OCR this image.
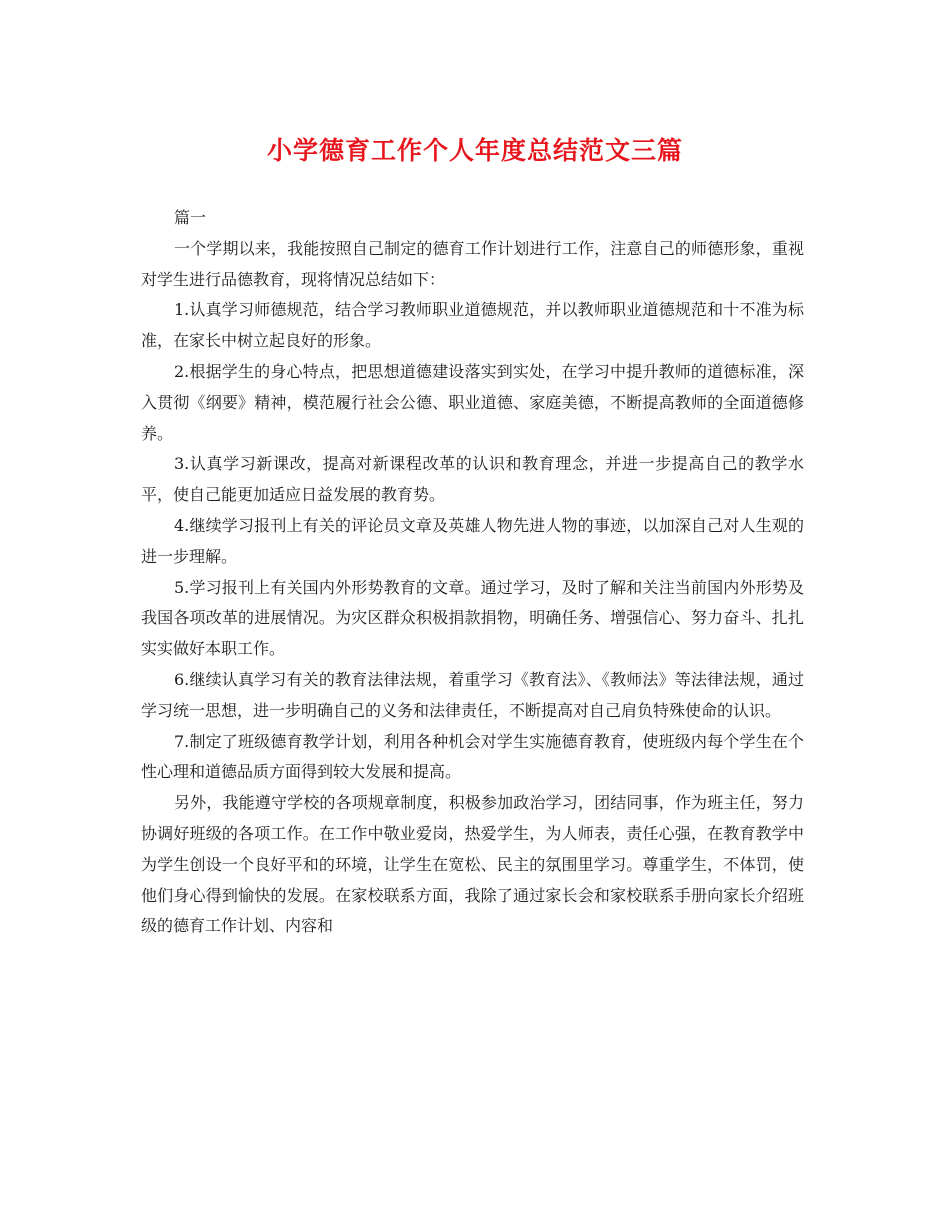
小学德育工作个人年度总结范文三篇

篇一

一个学期以来，我能按照自己制定的德育工作计划进行工作，注意自己的师德形象，重视对学生进行品德教育，现将情况总结如下：

1.认真学习师德规范，结合学习教师职业道德规范，并以教师职业道德规范和十不准为标准，在家长中树立起良好的形象。

2.根据学生的身心特点，把思想道德建设落实到实处，在学习中提升教师的道德标准，深入贯彻《纲要》精神，模范履行社会公德、职业道德、家庭美德，不断提高教师的全面道德修养。

3.认真学习新课改，提高对新课程改革的认识和教育理念，并进一步提高自己的教学水平，使自己能更加适应日益发展的教育势。

4.继续学习报刊上有关的评论员文章及英雄人物先进人物的事迹，以加深自己对人生观的进一步理解。

5.学习报刊上有关国内外形势教育的文章。通过学习，及时了解和关注当前国内外形势及我国各项改革的进展情况。为灾区群众积极捐款捐物，明确任务、增强信心、努力奋斗、扎扎实实做好本职工作。

6.继续认真学习有关的教育法律法规，着重学习《教育法》、《教师法》等法律法规，通过学习统一思想，进一步明确自己的义务和法律责任，不断提高对自己肩负特殊使命的认识。

7.制定了班级德育教学计划，利用各种机会对学生实施德育教育，使班级内每个学生在个性心理和道德品质方面得到较大发展和提高。

另外，我能遵守学校的各项规章制度，积极参加政治学习，团结同事，作为班主任，努力协调好班级的各项工作。在工作中敬业爱岗，热爱学生，为人师表，责任心强，在教育教学中为学生创设一个良好平和的环境，让学生在宽松、民主的氛围里学习。尊重学生，不体罚，使他们身心得到愉快的发展。在家校联系方面，我除了通过家长会和家校联系手册向家长介绍班级的德育工作计划、内容和
